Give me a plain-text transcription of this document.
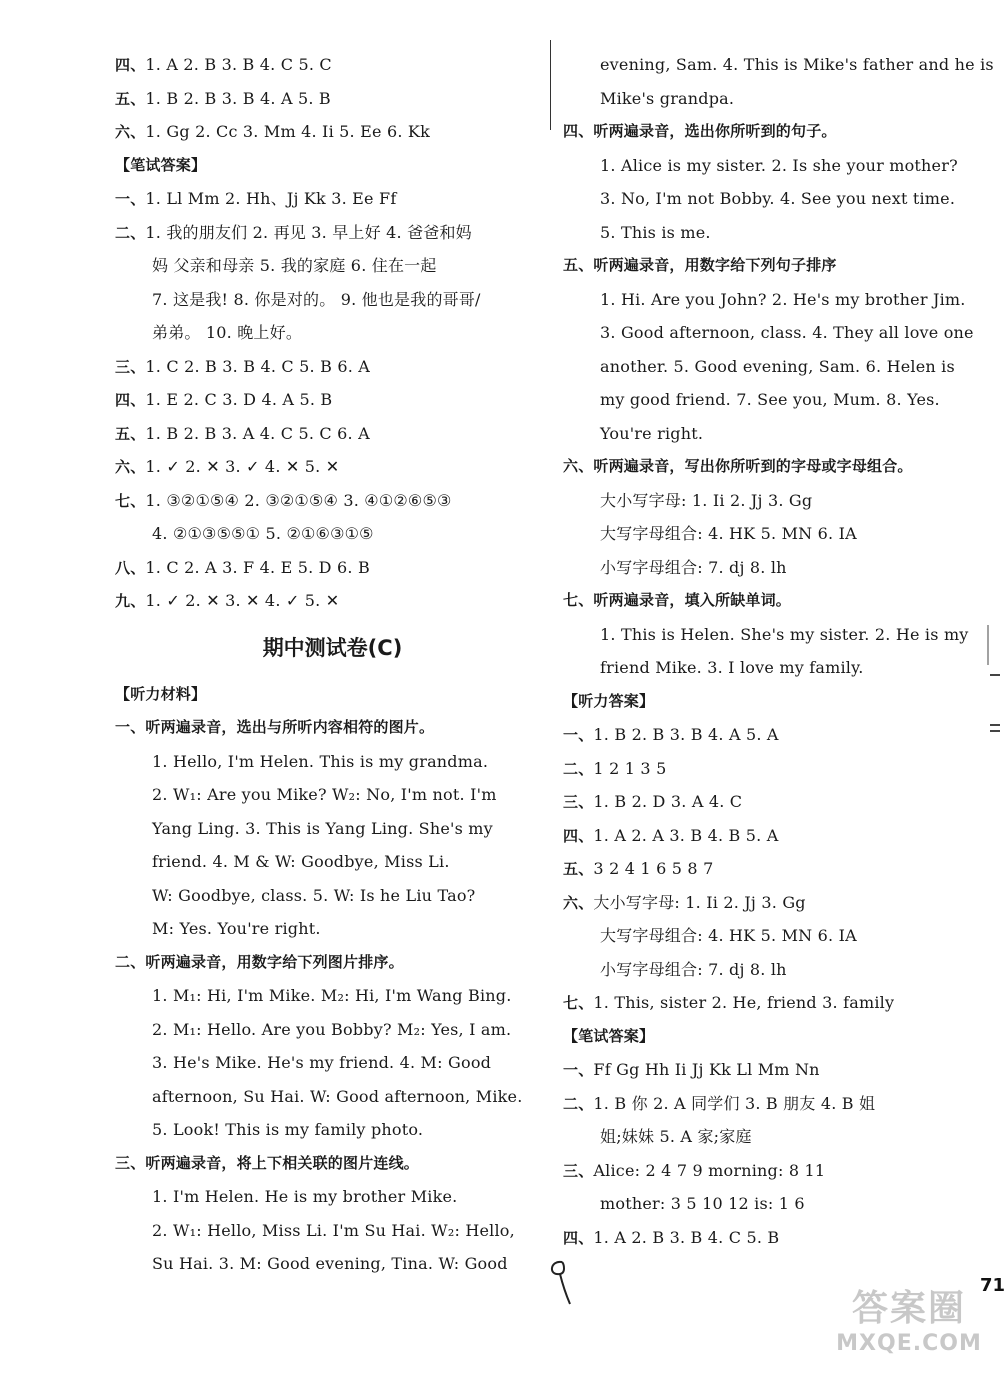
四、1. A 2. B 3. B 4. C 5. C
五、1. B 2. B 3. B 4. A 5. B
六、1. Gg 2. Cc 3. Mm 4. Ii 5. Ee 6. Kk
【笔试答案】
一、1. Ll Mm 2. Hh、Jj Kk 3. Ee Ff
二、1. 我的朋友们 2. 再见 3. 早上好 4. 爸爸和妈
妈 父亲和母亲 5. 我的家庭 6. 住在一起
7. 这是我! 8. 你是对的。 9. 他也是我的哥哥/
弟弟。 10. 晚上好。
三、1. C 2. B 3. B 4. C 5. B 6. A
四、1. E 2. C 3. D 4. A 5. B
五、1. B 2. B 3. A 4. C 5. C 6. A
六、1. ✓ 2. ✕ 3. ✓ 4. ✕ 5. ✕
七、1. ③②①⑤④ 2. ③②①⑤④ 3. ④①②⑥⑤③
4. ②①③⑤⑤① 5. ②①⑥③①⑤
八、1. C 2. A 3. F 4. E 5. D 6. B
九、1. ✓ 2. ✕ 3. ✕ 4. ✓ 5. ✕
期中测试卷(C)
【听力材料】
一、听两遍录音，选出与所听内容相符的图片。
1. Hello, I'm Helen. This is my grandma.
2. W₁: Are you Mike? W₂: No, I'm not. I'm
Yang Ling. 3. This is Yang Ling. She's my
friend. 4. M & W: Goodbye, Miss Li.
W: Goodbye, class. 5. W: Is he Liu Tao?
M: Yes. You're right.
二、听两遍录音，用数字给下列图片排序。
1. M₁: Hi, I'm Mike. M₂: Hi, I'm Wang Bing.
2. M₁: Hello. Are you Bobby? M₂: Yes, I am.
3. He's Mike. He's my friend. 4. M: Good
afternoon, Su Hai. W: Good afternoon, Mike.
5. Look! This is my family photo.
三、听两遍录音，将上下相关联的图片连线。
1. I'm Helen. He is my brother Mike.
2. W₁: Hello, Miss Li. I'm Su Hai. W₂: Hello,
Su Hai. 3. M: Good evening, Tina. W: Good
evening, Sam. 4. This is Mike's father and he is
Mike's grandpa.
四、听两遍录音，选出你所听到的句子。
1. Alice is my sister. 2. Is she your mother?
3. No, I'm not Bobby. 4. See you next time.
5. This is me.
五、听两遍录音，用数字给下列句子排序
1. Hi. Are you John? 2. He's my brother Jim.
3. Good afternoon, class. 4. They all love one
another. 5. Good evening, Sam. 6. Helen is
my good friend. 7. See you, Mum. 8. Yes.
You're right.
六、听两遍录音，写出你所听到的字母或字母组合。
大小写字母: 1. Ii 2. Jj 3. Gg
大写字母组合: 4. HK 5. MN 6. IA
小写字母组合: 7. dj 8. lh
七、听两遍录音，填入所缺单词。
1. This is Helen. She's my sister. 2. He is my
friend Mike. 3. I love my family.
【听力答案】
一、1. B 2. B 3. B 4. A 5. A
二、1 2 1 3 5
三、1. B 2. D 3. A 4. C
四、1. A 2. A 3. B 4. B 5. A
五、3 2 4 1 6 5 8 7
六、大小写字母: 1. Ii 2. Jj 3. Gg
大写字母组合: 4. HK 5. MN 6. IA
小写字母组合: 7. dj 8. lh
七、1. This, sister 2. He, friend 3. family
【笔试答案】
一、Ff Gg Hh Ii Jj Kk Ll Mm Nn
二、1. B 你 2. A 同学们 3. B 朋友 4. B 姐
姐;妹妹 5. A 家;家庭
三、Alice: 2 4 7 9 morning: 8 11
mother: 3 5 10 12 is: 1 6
四、1. A 2. B 3. B 4. C 5. B
答案圈
MXQE.COM
71
